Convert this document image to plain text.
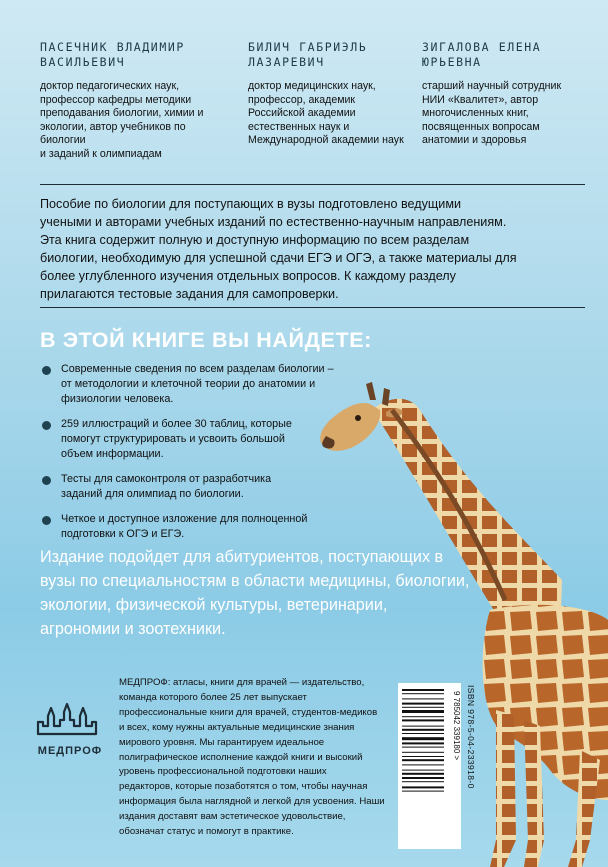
ПАСЕЧНИК ВЛАДИМИР
ВАСИЛЬЕВИЧ
доктор педагогических наук,
профессор кафедры методики
преподавания биологии, химии и
экологии, автор учебников по биологии
и заданий к олимпиадам
БИЛИЧ ГАБРИЭЛЬ
ЛАЗАРЕВИЧ
доктор медицинских наук,
профессор, академик
Российской академии
естественных наук и
Международной академии наук
ЗИГАЛОВА ЕЛЕНА
ЮРЬЕВНА
старший научный сотрудник
НИИ «Квалитет», автор
многочисленных книг,
посвященных вопросам
анатомии и здоровья
Пособие по биологии для поступающих в вузы подготовлено ведущими
учеными и авторами учебных изданий по естественно-научным направлениям.
Эта книга содержит полную и доступную информацию по всем разделам
биологии, необходимую для успешной сдачи ЕГЭ и ОГЭ, а также материалы для
более углубленного изучения отдельных вопросов. К каждому разделу
прилагаются тестовые задания для самопроверки.
В ЭТОЙ КНИГЕ ВЫ НАЙДЕТЕ:
Современные сведения по всем разделам биологии –
от методологии и клеточной теории до анатомии и
физиологии человека.
259 иллюстраций и более 30 таблиц, которые
помогут структурировать и усвоить большой
объем информации.
Тесты для самоконтроля от разработчика
заданий для олимпиад по биологии.
Четкое и доступное изложение для полноценной
подготовки к ОГЭ и ЕГЭ.
Издание подойдет для абитуриентов, поступающих в
вузы по специальностям в области медицины, биологии,
экологии, физической культуры, ветеринарии,
агрономии и зоотехники.
МЕДПРОФ
МЕДПРОФ: атласы, книги для врачей — издательство,
команда которого более 25 лет выпускает
профессиональные книги для врачей, студентов-медиков
и всех, кому нужны актуальные медицинские знания
мирового уровня. Мы гарантируем идеальное
полиграфическое исполнение каждой книги и высокий
уровень профессиональной подготовки наших
редакторов, которые позаботятся о том, чтобы научная
информация была наглядной и легкой для усвоения. Наши
издания доставят вам эстетическое удовольствие,
обозначат статус и помогут в практике.
9 785042 339180 > ISBN 978-5-04-233918-0
